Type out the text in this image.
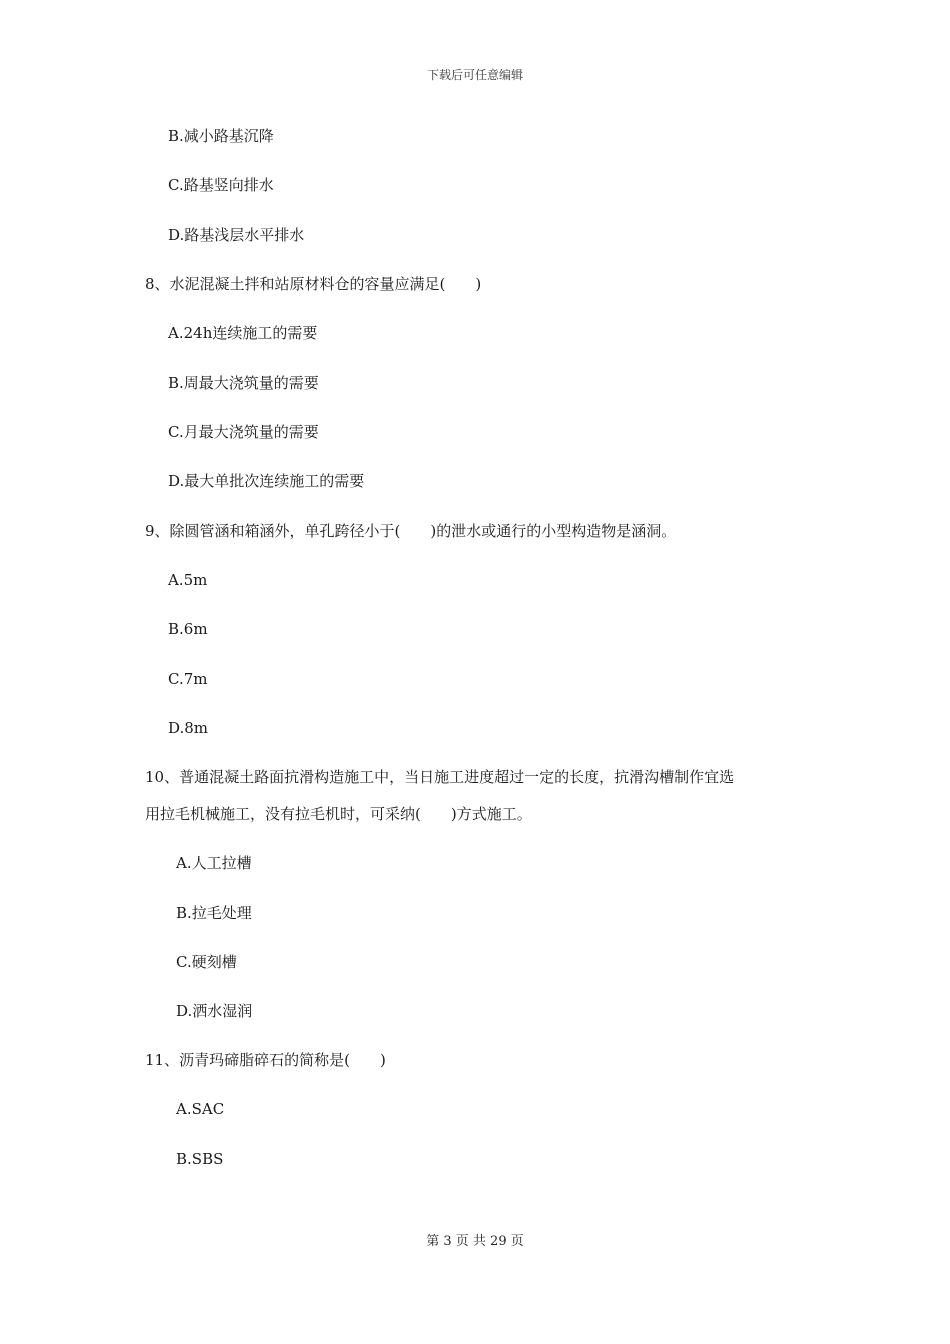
下载后可任意编辑
B.减小路基沉降
C.路基竖向排水
D.路基浅层水平排水
8、水泥混凝土拌和站原材料仓的容量应满足(　　)
A.24h连续施工的需要
B.周最大浇筑量的需要
C.月最大浇筑量的需要
D.最大单批次连续施工的需要
9、除圆管涵和箱涵外，单孔跨径小于(　　)的泄水或通行的小型构造物是涵洞。
A.5m
B.6m
C.7m
D.8m
10、普通混凝土路面抗滑构造施工中，当日施工进度超过一定的长度，抗滑沟槽制作宜选
用拉毛机械施工，没有拉毛机时，可采纳(　　)方式施工。
A.人工拉槽
B.拉毛处理
C.硬刻槽
D.洒水湿润
11、沥青玛碲脂碎石的简称是(　　)
A.SAC
B.SBS
第 3 页 共 29 页
